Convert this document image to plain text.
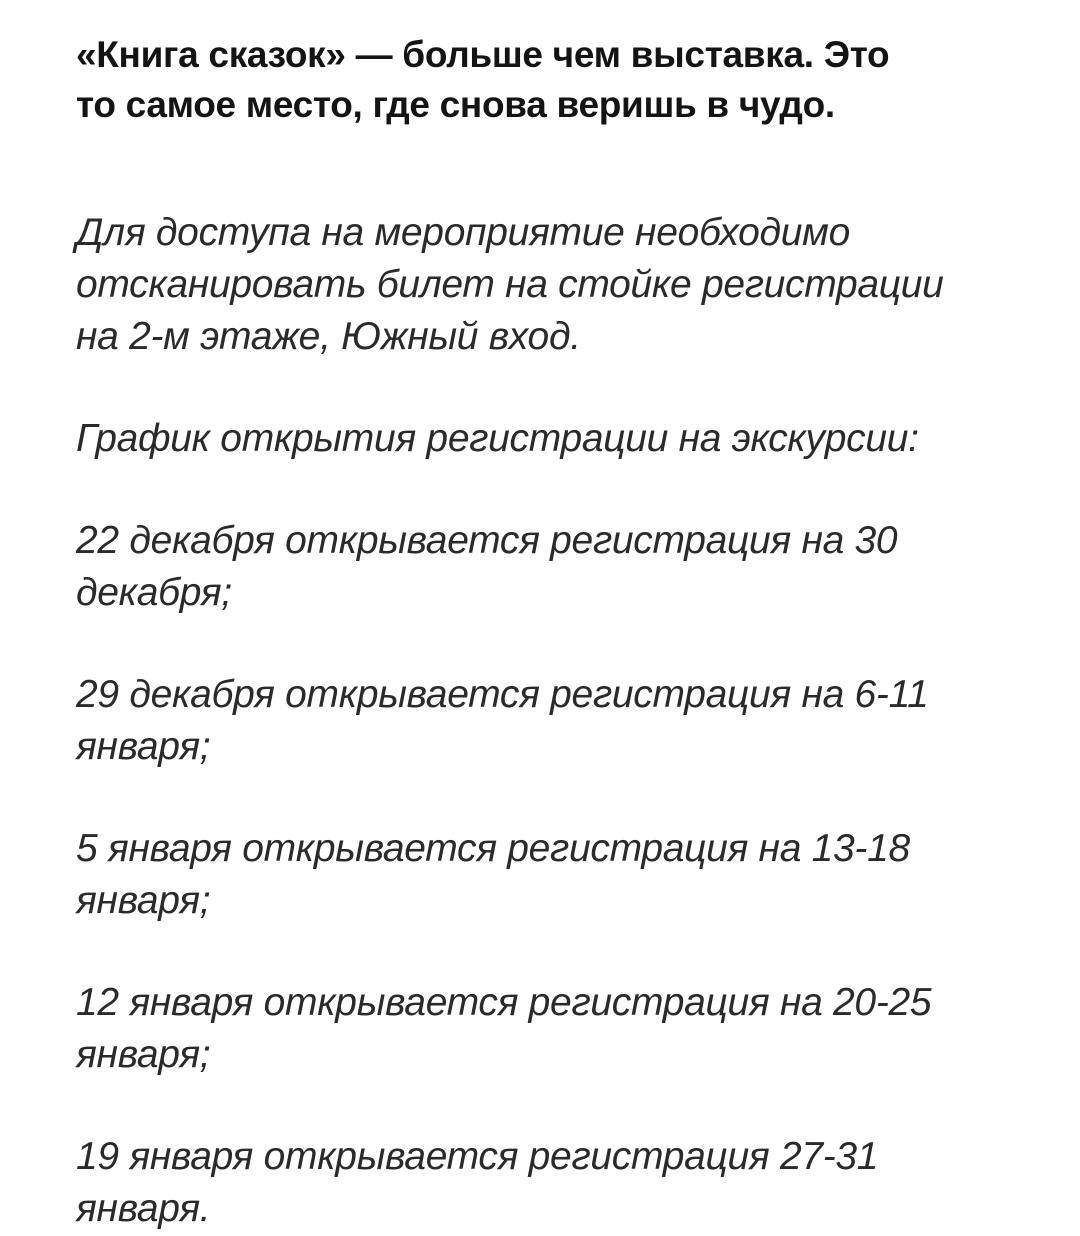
«Книга сказок» — больше чем выставка. Это
то самое место, где снова веришь в чудо.

Для доступа на мероприятие необходимо
отсканировать билет на стойке регистрации
на 2-м этаже, Южный вход.

График открытия регистрации на экскурсии:

22 декабря открывается регистрация на 30
декабря;
29 декабря открывается регистрация на 6-11
января;
5 января открывается регистрация на 13-18
января;
12 января открывается регистрация на 20-25
января;
19 января открывается регистрация 27-31
января.
